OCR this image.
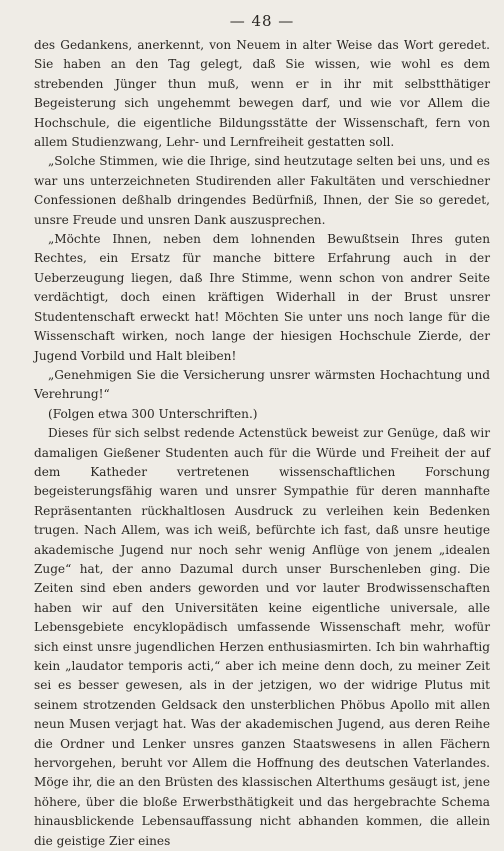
— 48 —

des Gedankens, anerkennt, von Neuem in alter Weise das Wort geredet. Sie haben an den Tag gelegt, daß Sie wissen, wie wohl es dem strebenden Jünger thun muß, wenn er in ihr mit selbstthätiger Begeisterung sich ungehemmt bewegen darf, und wie vor Allem die Hochschule, die eigentliche Bildungsstätte der Wissenschaft, fern von allem Studienzwang, Lehr- und Lernfreiheit gestatten soll.

„Solche Stimmen, wie die Ihrige, sind heutzutage selten bei uns, und es war uns unterzeichneten Studirenden aller Fakultäten und verschiedner Confessionen deßhalb dringendes Bedürfniß, Ihnen, der Sie so geredet, unsre Freude und unsren Dank auszusprechen.

„Möchte Ihnen, neben dem lohnenden Bewußtsein Ihres guten Rechtes, ein Ersatz für manche bittere Erfahrung auch in der Ueberzeugung liegen, daß Ihre Stimme, wenn schon von andrer Seite verdächtigt, doch einen kräftigen Widerhall in der Brust unsrer Studentenschaft erweckt hat! Möchten Sie unter uns noch lange für die Wissenschaft wirken, noch lange der hiesigen Hochschule Zierde, der Jugend Vorbild und Halt bleiben!

„Genehmigen Sie die Versicherung unsrer wärmsten Hochachtung und Verehrung!“

(Folgen etwa 300 Unterschriften.)

Dieses für sich selbst redende Actenstück beweist zur Genüge, daß wir damaligen Gießener Studenten auch für die Würde und Freiheit der auf dem Katheder vertretenen wissenschaftlichen Forschung begeisterungsfähig waren und unsrer Sympathie für deren mannhafte Repräsentanten rückhaltlosen Ausdruck zu verleihen kein Bedenken trugen. Nach Allem, was ich weiß, befürchte ich fast, daß unsre heutige akademische Jugend nur noch sehr wenig Anflüge von jenem „idealen Zuge“ hat, der anno Dazumal durch unser Burschenleben ging. Die Zeiten sind eben anders geworden und vor lauter Brodwissenschaften haben wir auf den Universitäten keine eigentliche universale, alle Lebensgebiete encyklopädisch umfassende Wissenschaft mehr, wofür sich einst unsre jugendlichen Herzen enthusiasmirten. Ich bin wahrhaftig kein „laudator temporis acti,“ aber ich meine denn doch, zu meiner Zeit sei es besser gewesen, als in der jetzigen, wo der widrige Plutus mit seinem strotzenden Geldsack den unsterblichen Phöbus Apollo mit allen neun Musen verjagt hat. Was der akademischen Jugend, aus deren Reihe die Ordner und Lenker unsres ganzen Staatswesens in allen Fächern hervorgehen, beruht vor Allem die Hoffnung des deutschen Vaterlandes. Möge ihr, die an den Brüsten des klassischen Alterthums gesäugt ist, jene höhere, über die bloße Erwerbsthätigkeit und das hergebrachte Schema hinausblickende Lebensauffassung nicht abhanden kommen, die allein die geistige Zier eines
